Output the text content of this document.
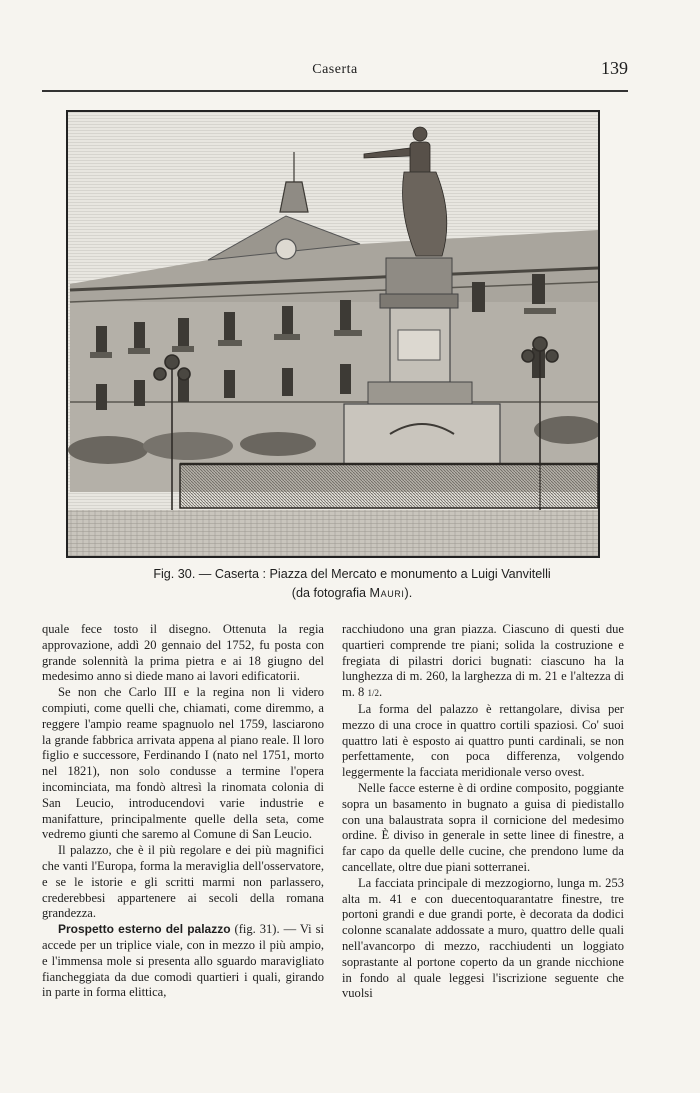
Caserta	139
Fig. 30. — Caserta : Piazza del Mercato e monumento a Luigi Vanvitelli
(da fotografia Mauri).

quale fece tosto il disegno. Ottenuta la regia approvazione, addì 20 gennaio del 1752, fu posta con grande solennità la prima pietra e ai 18 giugno del medesimo anno si diede mano ai lavori edificatorii.

Se non che Carlo III e la regina non li videro compiuti, come quelli che, chiamati, come diremmo, a reggere l'ampio reame spagnuolo nel 1759, lasciarono la grande fabbrica arrivata appena al piano reale. Il loro figlio e successore, Ferdinando I (nato nel 1751, morto nel 1821), non solo condusse a termine l'opera incominciata, ma fondò altresì la rinomata colonia di San Leucio, introducendovi varie industrie e manifatture, principalmente quelle della seta, come vedremo giunti che saremo al Comune di San Leucio.

Il palazzo, che è il più regolare e dei più magnifici che vanti l'Europa, forma la meraviglia dell'osservatore, e se le istorie e gli scritti marmi non parlassero, crederebbesi appartenere ai secoli della romana grandezza.

Prospetto esterno del palazzo (fig. 31). — Vi si accede per un triplice viale, con in mezzo il più ampio, e l'immensa mole si presenta allo sguardo maravigliato fiancheggiata da due comodi quartieri i quali, girando in parte in forma elittica,

racchiudono una gran piazza. Ciascuno di questi due quartieri comprende tre piani; solida la costruzione e fregiata di pilastri dorici bugnati: ciascuno ha la lunghezza di m. 260, la larghezza di m. 21 e l'altezza di m. 8 1/2.

La forma del palazzo è rettangolare, divisa per mezzo di una croce in quattro cortili spaziosi. Co' suoi quattro lati è esposto ai quattro punti cardinali, se non perfettamente, con poca differenza, volgendo leggermente la facciata meridionale verso ovest.

Nelle facce esterne è di ordine composito, poggiante sopra un basamento in bugnato a guisa di piedistallo con una balaustrata sopra il cornicione del medesimo ordine. È diviso in generale in sette linee di finestre, a far capo da quelle delle cucine, che prendono lume da cancellate, oltre due piani sotterranei.

La facciata principale di mezzogiorno, lunga m. 253 alta m. 41 e con duecentoquarantatre finestre, tre portoni grandi e due grandi porte, è decorata da dodici colonne scanalate addossate a muro, quattro delle quali nell'avancorpo di mezzo, racchiudenti un loggiato soprastante al portone coperto da un grande nicchione in fondo al quale leggesi l'iscrizione seguente che vuolsi
